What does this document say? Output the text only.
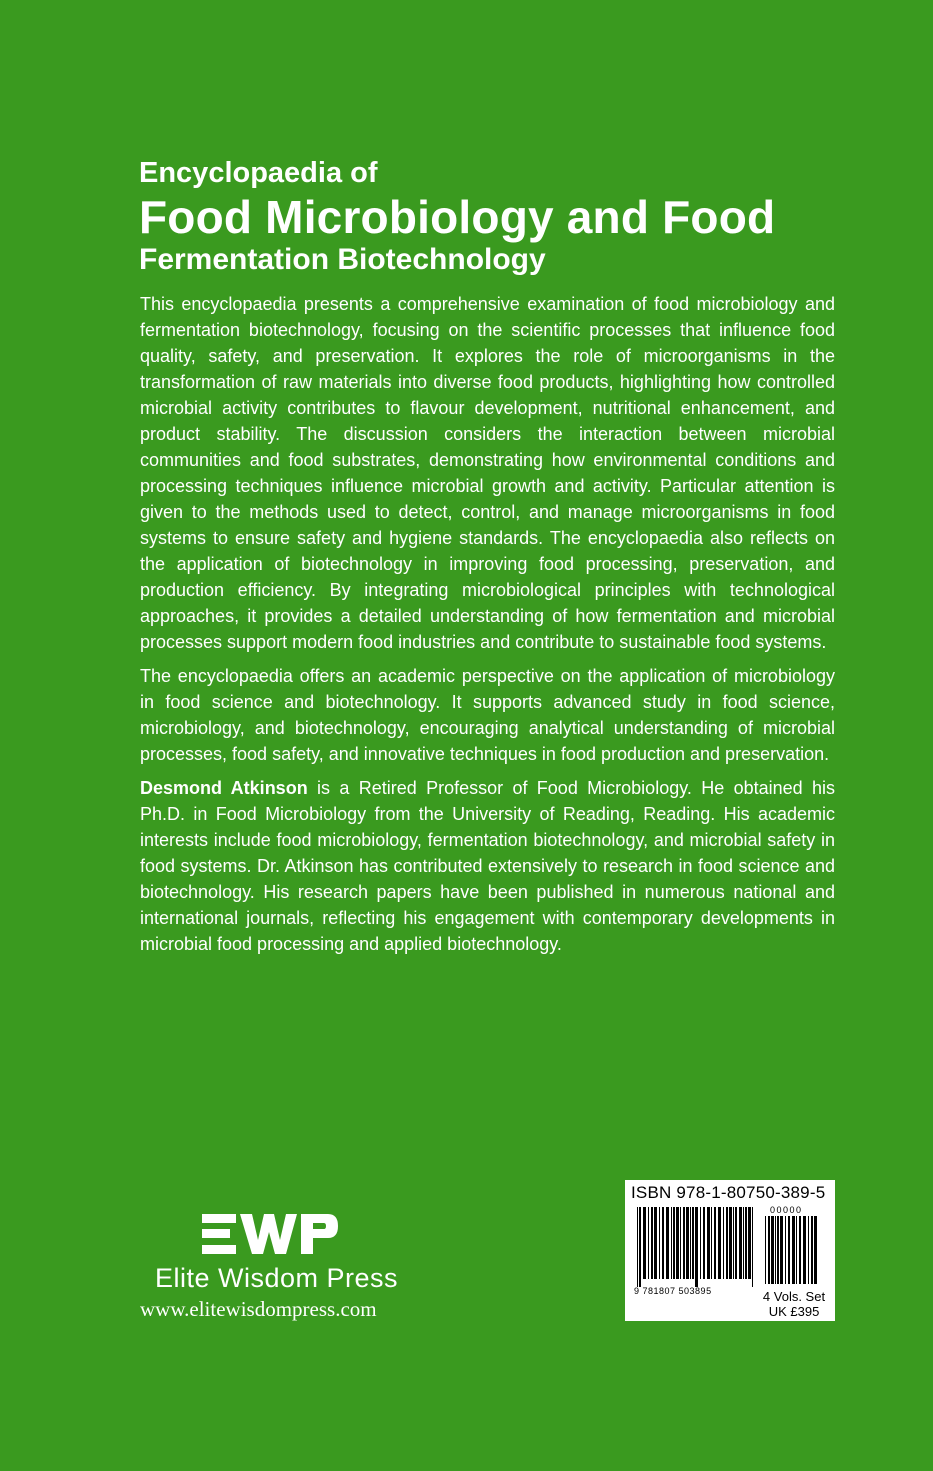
Encyclopaedia of
Food Microbiology and Food
Fermentation Biotechnology

This encyclopaedia presents a comprehensive examination of food microbiology and fermentation biotechnology, focusing on the scientific processes that influence food quality, safety, and preservation. It explores the role of microorganisms in the transformation of raw materials into diverse food products, highlighting how controlled microbial activity contributes to flavour development, nutritional enhancement, and product stability. The discussion considers the interaction between microbial communities and food substrates, demonstrating how environmental conditions and processing techniques influence microbial growth and activity. Particular attention is given to the methods used to detect, control, and manage microorganisms in food systems to ensure safety and hygiene standards. The encyclopaedia also reflects on the application of biotechnology in improving food processing, preservation, and production efficiency. By integrating microbiological principles with technological approaches, it provides a detailed understanding of how fermentation and microbial processes support modern food industries and contribute to sustainable food systems.

The encyclopaedia offers an academic perspective on the application of microbiology in food science and biotechnology. It supports advanced study in food science, microbiology, and biotechnology, encouraging analytical understanding of microbial processes, food safety, and innovative techniques in food production and preservation.

Desmond Atkinson is a Retired Professor of Food Microbiology. He obtained his Ph.D. in Food Microbiology from the University of Reading, Reading. His academic interests include food microbiology, fermentation biotechnology, and microbial safety in food systems. Dr. Atkinson has contributed extensively to research in food science and biotechnology. His research papers have been published in numerous national and international journals, reflecting his engagement with contemporary developments in microbial food processing and applied biotechnology.

Elite Wisdom Press
www.elitewisdompress.com
ISBN 978-1-80750-389-5
00000
9 781807 503895	4 Vols. Set
UK £395
